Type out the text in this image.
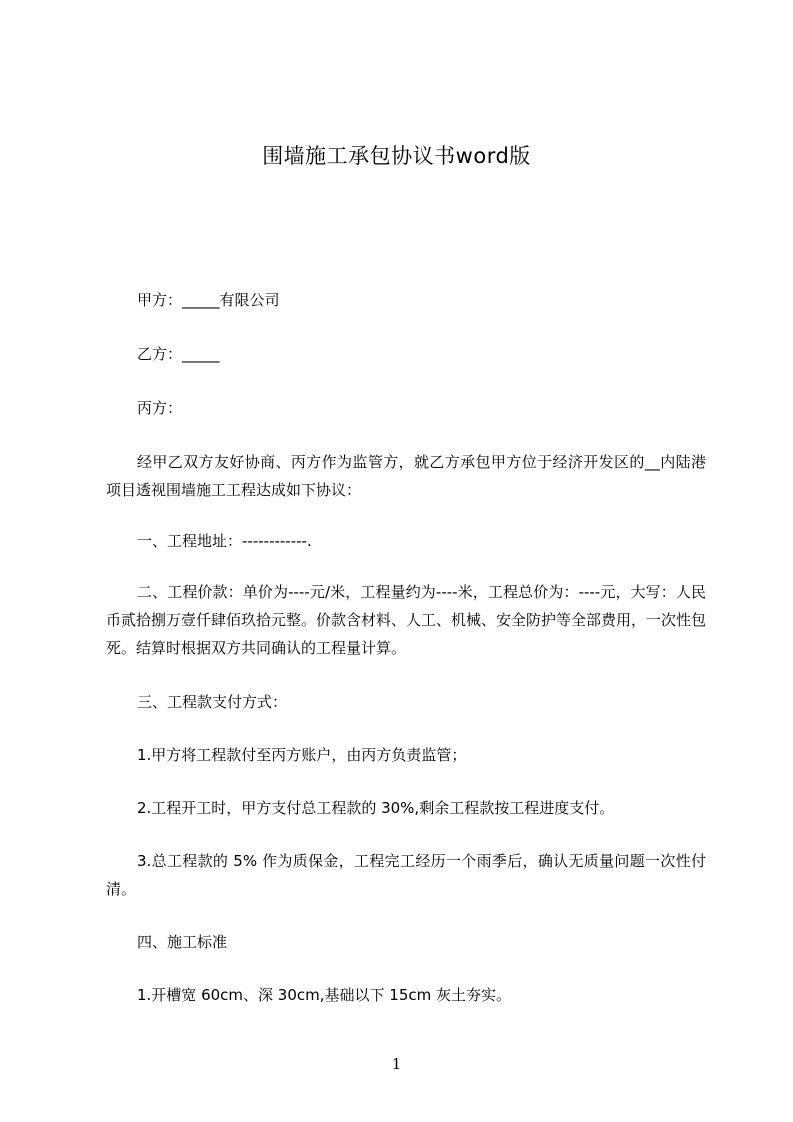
围墙施工承包协议书word版

甲方：_____有限公司

乙方：_____

丙方：

经甲乙双方友好协商、丙方作为监管方，就乙方承包甲方位于经济开发区的__内陆港项目透视围墙施工工程达成如下协议：

一、工程地址：------------.

二、工程价款：单价为----元/米，工程量约为----米，工程总价为：----元，大写：人民币贰拾捌万壹仟肆佰玖拾元整。价款含材料、人工、机械、安全防护等全部费用，一次性包死。结算时根据双方共同确认的工程量计算。

三、工程款支付方式：

1.甲方将工程款付至丙方账户，由丙方负责监管；

2.工程开工时，甲方支付总工程款的 30%,剩余工程款按工程进度支付。

3.总工程款的 5% 作为质保金，工程完工经历一个雨季后，确认无质量问题一次性付清。

四、施工标准

1.开槽宽 60cm、深 30cm,基础以下 15cm 灰土夯实。

1
